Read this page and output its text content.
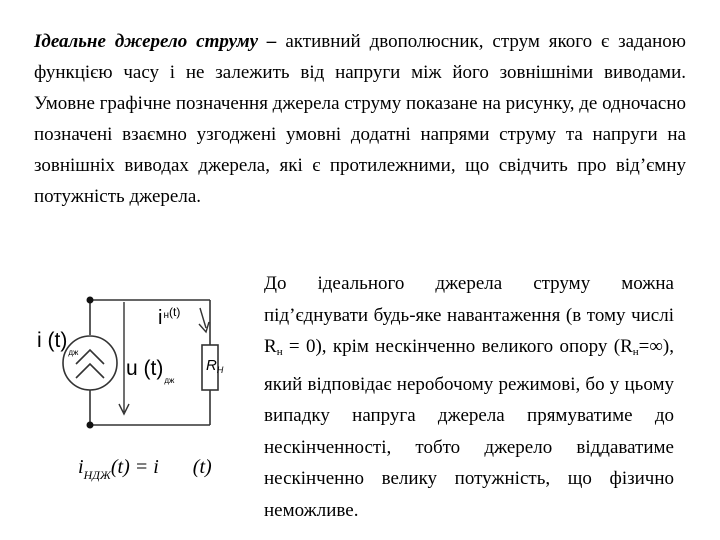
Ідеальне джерело струму – активний двополюсник, струм якого є заданою функцією часу і не залежить від напруги між його зовнішніми виводами. Умовне графічне позначення джерела струму показане на рисунку, де одночасно позначені взаємно узгоджені умовні додатні напрями струму та напруги на зовнішніх виводах джерела, які є протилежними, що свідчить про від’ємну потужність джерела.
i $(t)_{дж}$
u $(t)_{дж}$
$i^{н(t)}$
$R_Н$
$i_{НДЖ}(t) = i$ (t)
До ідеального джерела струму можна під’єднувати будь-яке навантаження (в тому числі $R_н = 0$), крім нескінченно великого опору $(R_н=\infty)$, який відповідає неробочому режимові, бо у цьому випадку напруга джерела прямуватиме до нескінченності, тобто джерело віддаватиме нескінченно велику потужність, що фізично неможливе.
